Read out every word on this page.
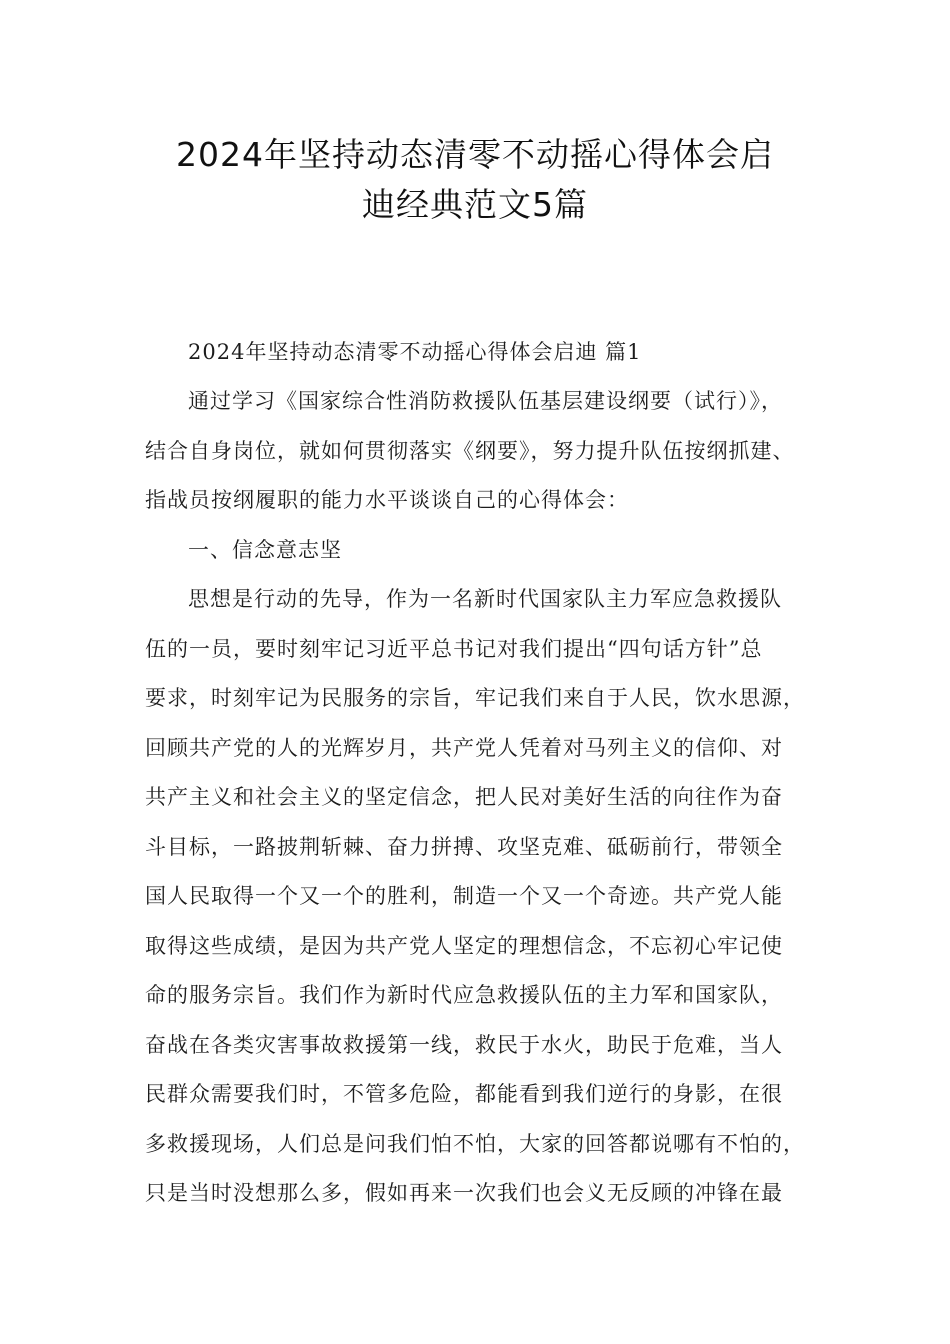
2024年坚持动态清零不动摇心得体会启
迪经典范文5篇
2024年坚持动态清零不动摇心得体会启迪 篇1
通过学习《国家综合性消防救援队伍基层建设纲要（试行）》，
结合自身岗位，就如何贯彻落实《纲要》，努力提升队伍按纲抓建、
指战员按纲履职的能力水平谈谈自己的心得体会：
一、信念意志坚
思想是行动的先导，作为一名新时代国家队主力军应急救援队
伍的一员，要时刻牢记习近平总书记对我们提出“四句话方针”总
要求，时刻牢记为民服务的宗旨，牢记我们来自于人民，饮水思源，
回顾共产党的人的光辉岁月，共产党人凭着对马列主义的信仰、对
共产主义和社会主义的坚定信念，把人民对美好生活的向往作为奋
斗目标，一路披荆斩棘、奋力拼搏、攻坚克难、砥砺前行，带领全
国人民取得一个又一个的胜利，制造一个又一个奇迹。共产党人能
取得这些成绩，是因为共产党人坚定的理想信念，不忘初心牢记使
命的服务宗旨。我们作为新时代应急救援队伍的主力军和国家队，
奋战在各类灾害事故救援第一线，救民于水火，助民于危难，当人
民群众需要我们时，不管多危险，都能看到我们逆行的身影，在很
多救援现场，人们总是问我们怕不怕，大家的回答都说哪有不怕的，
只是当时没想那么多，假如再来一次我们也会义无反顾的冲锋在最
